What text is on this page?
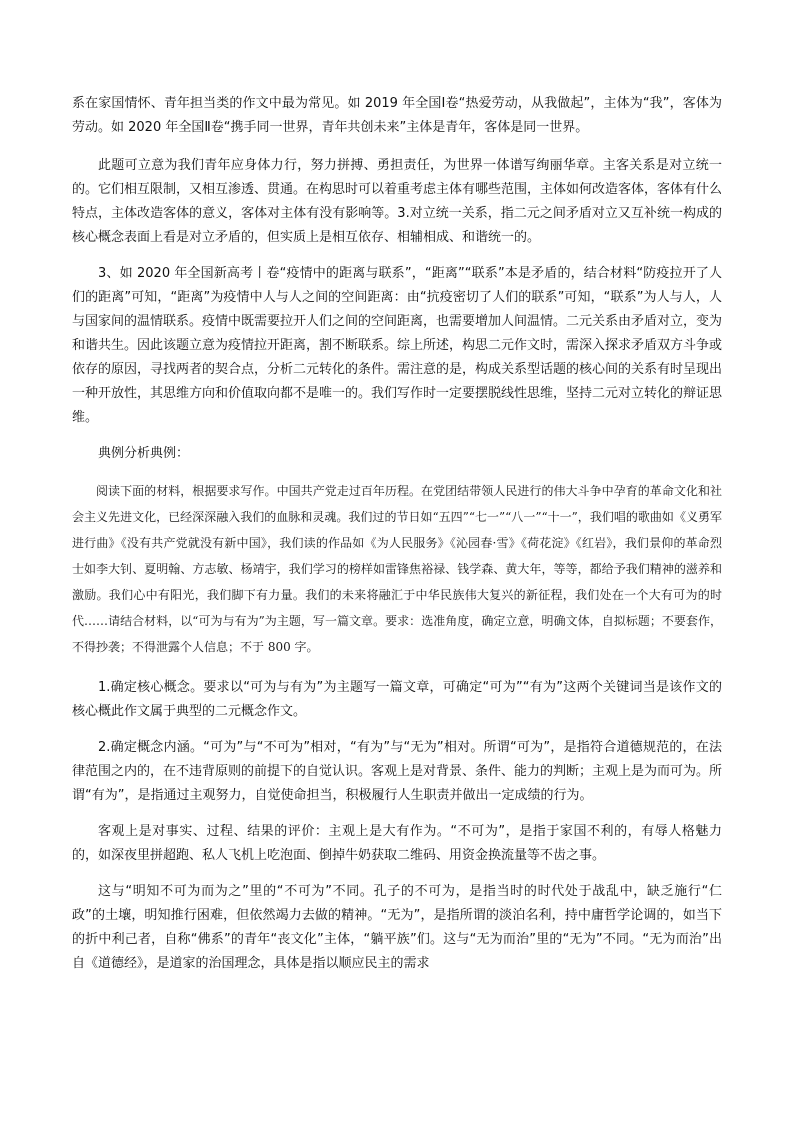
系在家国情怀、青年担当类的作文中最为常见。如 2019 年全国Ⅰ卷“热爱劳动，从我做起”，主体为“我”，客体为劳动。如 2020 年全国Ⅱ卷“携手同一世界，青年共创未来”主体是青年，客体是同一世界。

此题可立意为我们青年应身体力行，努力拼搏、勇担责任，为世界一体谱写绚丽华章。主客关系是对立统一的。它们相互限制，又相互渗透、贯通。在构思时可以着重考虑主体有哪些范围，主体如何改造客体，客体有什么特点，主体改造客体的意义，客体对主体有没有影响等。3.对立统一关系，指二元之间矛盾对立又互补统一构成的核心概念表面上看是对立矛盾的，但实质上是相互依存、相辅相成、和谐统一的。

3、如 2020 年全国新高考丨卷“疫情中的距离与联系”，“距离”“联系”本是矛盾的，结合材料“防疫拉开了人们的距离”可知，“距离”为疫情中人与人之间的空间距离：由“抗疫密切了人们的联系”可知，“联系”为人与人，人与国家间的温情联系。疫情中既需要拉开人们之间的空间距离，也需要增加人间温情。二元关系由矛盾对立，变为和谐共生。因此该题立意为疫情拉开距离，割不断联系。综上所述，构思二元作文时，需深入探求矛盾双方斗争或依存的原因，寻找两者的契合点，分析二元转化的条件。需注意的是，构成关系型话题的核心间的关系有时呈现出一种开放性，其思维方向和价值取向都不是唯一的。我们写作时一定要摆脱线性思维，坚持二元对立转化的辩证思维。

典例分析典例：

阅读下面的材料，根据要求写作。中国共产党走过百年历程。在党团结带领人民进行的伟大斗争中孕育的革命文化和社会主义先进文化，已经深深融入我们的血脉和灵魂。我们过的节日如“五四”“七一”“八一”“十一”，我们唱的歌曲如《义勇军进行曲》《没有共产党就没有新中国》，我们读的作品如《为人民服务》《沁园春·雪》《荷花淀》《红岩》，我们景仰的革命烈士如李大钊、夏明翰、方志敏、杨靖宇，我们学习的榜样如雷锋焦裕禄、钱学森、黄大年，等等，都给予我们精神的滋养和激励。我们心中有阳光，我们脚下有力量。我们的未来将融汇于中华民族伟大复兴的新征程，我们处在一个大有可为的时代……请结合材料，以“可为与有为”为主题，写一篇文章。要求：选准角度，确定立意，明确文体，自拟标题；不要套作，不得抄袭；不得泄露个人信息；不于 800 字。

1.确定核心概念。要求以“可为与有为”为主题写一篇文章，可确定“可为”“有为”这两个关键词当是该作文的核心概此作文属于典型的二元概念作文。

2.确定概念内涵。“可为”与“不可为”相对，“有为”与“无为”相对。所谓“可为”，是指符合道德规范的，在法律范围之内的，在不违背原则的前提下的自觉认识。客观上是对背景、条件、能力的判断；主观上是为而可为。所谓“有为”，是指通过主观努力，自觉使命担当，积极履行人生职责并做出一定成绩的行为。

客观上是对事实、过程、结果的评价：主观上是大有作为。“不可为”，是指于家国不利的，有辱人格魅力的，如深夜里拼超跑、私人飞机上吃泡面、倒掉牛奶获取二维码、用资金换流量等不齿之事。

这与“明知不可为而为之”里的“不可为”不同。孔子的不可为，是指当时的时代处于战乱中，缺乏施行“仁政”的土壤，明知推行困难，但依然竭力去做的精神。“无为”，是指所谓的淡泊名利，持中庸哲学论调的，如当下的折中利己者，自称“佛系”的青年“丧文化”主体，“躺平族”们。这与“无为而治”里的“无为”不同。“无为而治”出自《道德经》，是道家的治国理念，具体是指以顺应民主的需求
